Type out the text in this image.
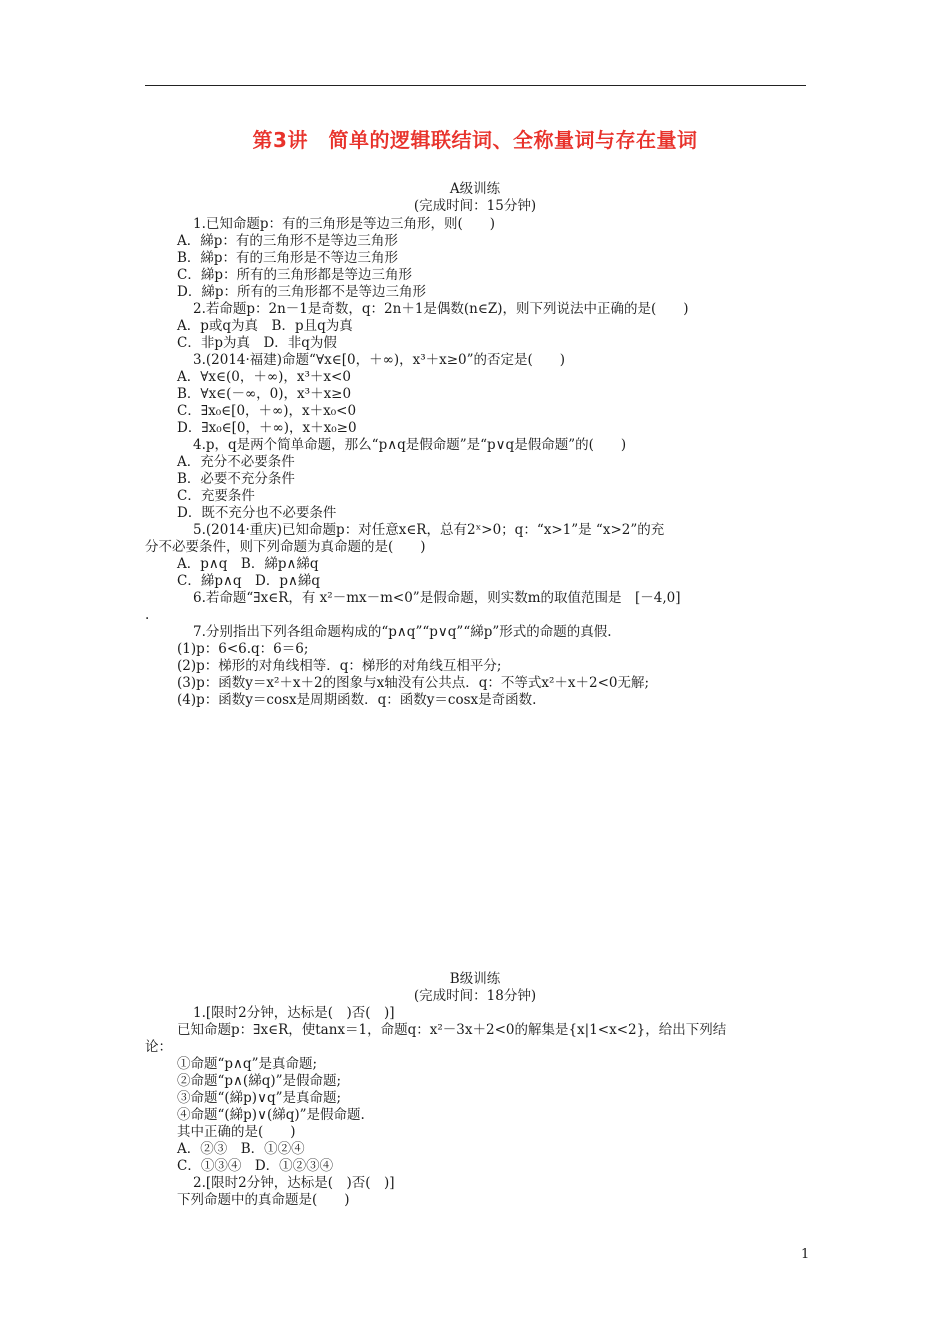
第3讲　简单的逻辑联结词、全称量词与存在量词
A级训练
(完成时间：15分钟)
1.已知命题p：有的三角形是等边三角形，则(　　)
A．綈p：有的三角形不是等边三角形
B．綈p：有的三角形是不等边三角形
C．綈p：所有的三角形都是等边三角形
D．綈p：所有的三角形都不是等边三角形
2.若命题p：2n－1是奇数，q：2n＋1是偶数(n∈Z)，则下列说法中正确的是(　　)
A．p或q为真　B．p且q为真
C．非p为真　D．非q为假
3.(2014·福建)命题“∀x∈[0，＋∞)，x³＋x≥0”的否定是(　　)
A．∀x∈(0，＋∞)，x³＋x<0
B．∀x∈(－∞，0)，x³＋x≥0
C．∃x₀∈[0，＋∞)，x＋x₀<0
D．∃x₀∈[0，＋∞)，x＋x₀≥0
4.p，q是两个简单命题，那么“p∧q是假命题”是“p∨q是假命题”的(　　)
A．充分不必要条件
B．必要不充分条件
C．充要条件
D．既不充分也不必要条件
5.(2014·重庆)已知命题p：对任意x∈R，总有2ˣ>0；q：“x>1”是 “x>2”的充
分不必要条件，则下列命题为真命题的是(　　)
A．p∧q　B．綈p∧綈q
C．綈p∧q　D．p∧綈q
6.若命题“∃x∈R，有 x²－mx－m<0”是假命题，则实数m的取值范围是　[－4,0]
.
7.分别指出下列各组命题构成的“p∧q”“p∨q”“綈p”形式的命题的真假.
(1)p：6<6.q：6＝6;
(2)p：梯形的对角线相等．q：梯形的对角线互相平分;
(3)p：函数y＝x²＋x＋2的图象与x轴没有公共点．q：不等式x²＋x＋2<0无解;
(4)p：函数y＝cosx是周期函数．q：函数y＝cosx是奇函数.
B级训练
(完成时间：18分钟)
1.[限时2分钟，达标是(　)否(　)]
已知命题p：∃x∈R，使tanx＝1，命题q：x²－3x＋2<0的解集是{x|1<x<2}，给出下列结
论：
①命题“p∧q”是真命题;
②命题“p∧(綈q)”是假命题;
③命题“(綈p)∨q”是真命题;
④命题“(綈p)∨(綈q)”是假命题.
其中正确的是(　　)
A．②③　B．①②④
C．①③④　D．①②③④
2.[限时2分钟，达标是(　)否(　)]
下列命题中的真命题是(　　)
1
